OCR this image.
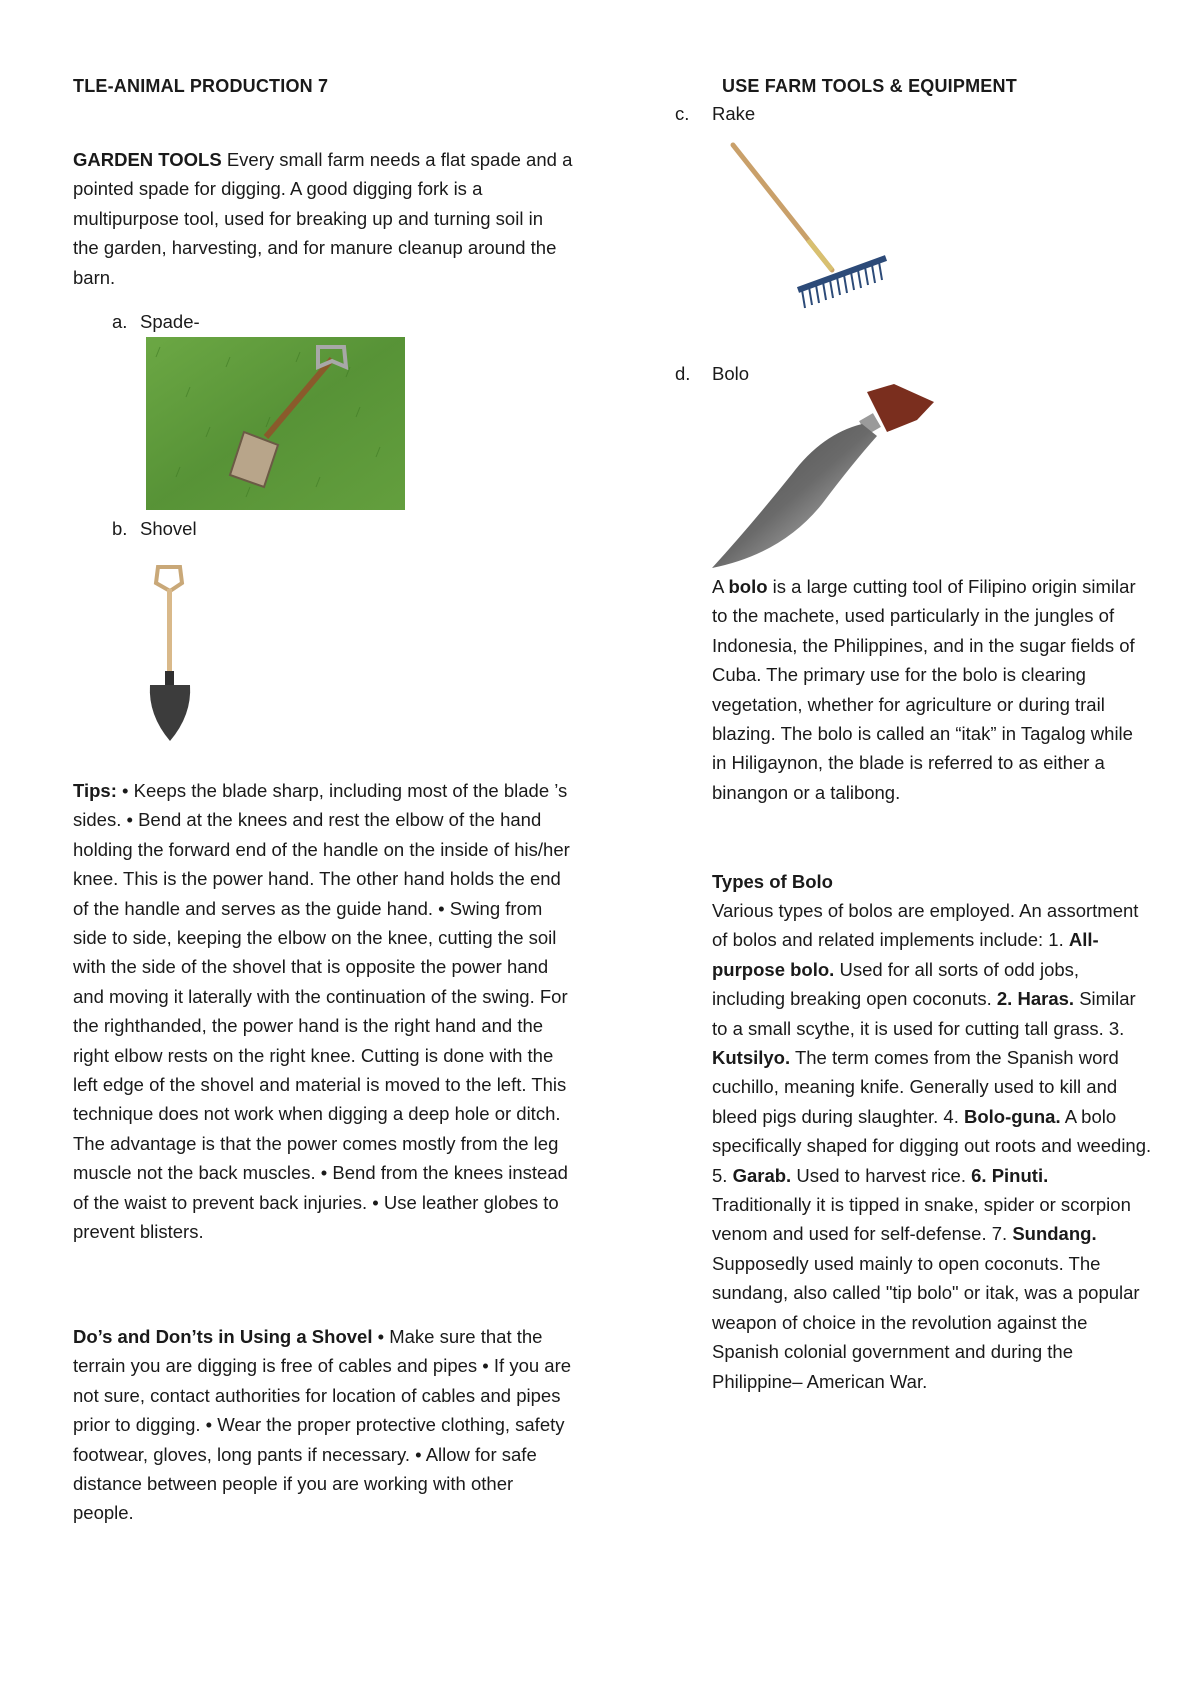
TLE-ANIMAL PRODUCTION 7	USE FARM TOOLS & EQUIPMENT
GARDEN TOOLS Every small farm needs a flat spade and a pointed spade for digging. A good digging fork is a multipurpose tool, used for breaking up and turning soil in the garden, harvesting, and for manure cleanup around the barn.
a. Spade-
b. Shovel
Tips: • Keeps the blade sharp, including most of the blade ’s sides. • Bend at the knees and rest the elbow of the hand holding the forward end of the handle on the inside of his/her knee. This is the power hand. The other hand holds the end of the handle and serves as the guide hand. • Swing from side to side, keeping the elbow on the knee, cutting the soil with the side of the shovel that is opposite the power hand and moving it laterally with the continuation of the swing. For the righthanded, the power hand is the right hand and the right elbow rests on the right knee. Cutting is done with the left edge of the shovel and material is moved to the left. This technique does not work when digging a deep hole or ditch. The advantage is that the power comes mostly from the leg muscle not the back muscles. • Bend from the knees instead of the waist to prevent back injuries. • Use leather globes to prevent blisters.
Do’s and Don’ts in Using a Shovel • Make sure that the terrain you are digging is free of cables and pipes • If you are not sure, contact authorities for location of cables and pipes prior to digging. • Wear the proper protective clothing, safety footwear, gloves, long pants if necessary. • Allow for safe distance between people if you are working with other people.
c. Rake
d. Bolo
A bolo is a large cutting tool of Filipino origin similar to the machete, used particularly in the jungles of Indonesia, the Philippines, and in the sugar fields of Cuba. The primary use for the bolo is clearing vegetation, whether for agriculture or during trail blazing. The bolo is called an “itak” in Tagalog while in Hiligaynon, the blade is referred to as either a binangon or a talibong.
Types of Bolo
Various types of bolos are employed. An assortment of bolos and related implements include: 1. All-purpose bolo. Used for all sorts of odd jobs, including breaking open coconuts. 2. Haras. Similar to a small scythe, it is used for cutting tall grass. 3. Kutsilyo. The term comes from the Spanish word cuchillo, meaning knife. Generally used to kill and bleed pigs during slaughter. 4. Bolo-guna. A bolo specifically shaped for digging out roots and weeding. 5. Garab. Used to harvest rice. 6. Pinuti. Traditionally it is tipped in snake, spider or scorpion venom and used for self-defense. 7. Sundang. Supposedly used mainly to open coconuts. The sundang, also called "tip bolo" or itak, was a popular weapon of choice in the revolution against the Spanish colonial government and during the Philippine– American War.
